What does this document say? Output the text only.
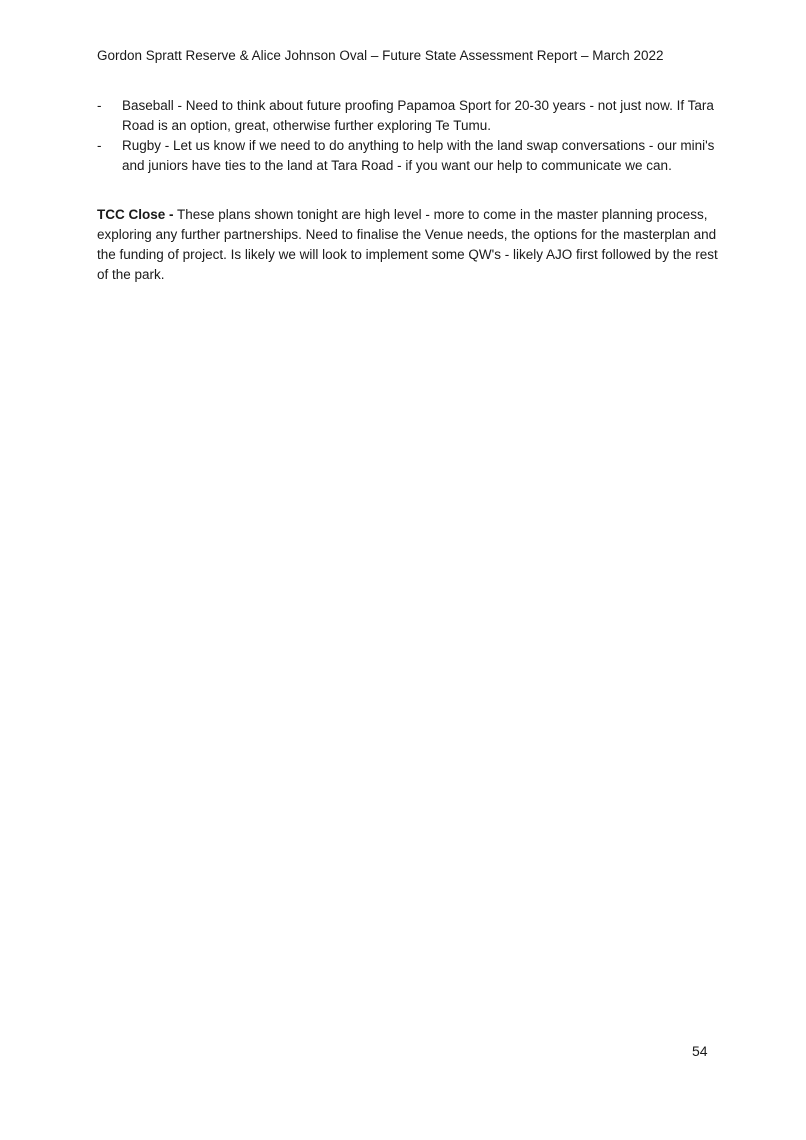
Gordon Spratt Reserve & Alice Johnson Oval – Future State Assessment Report – March 2022
- Baseball - Need to think about future proofing Papamoa Sport for 20-30 years - not just now. If Tara Road is an option, great, otherwise further exploring Te Tumu.
- Rugby - Let us know if we need to do anything to help with the land swap conversations - our mini's and juniors have ties to the land at Tara Road - if you want our help to communicate we can.

TCC Close - These plans shown tonight are high level - more to come in the master planning process, exploring any further partnerships. Need to finalise the Venue needs, the options for the masterplan and the funding of project. Is likely we will look to implement some QW's - likely AJO first followed by the rest of the park.

54
